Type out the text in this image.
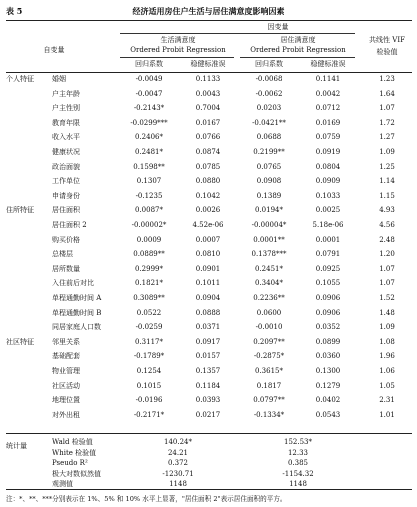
表 5	经济适用房住户生活与居住满意度影响因素
因变量
自变量
生活满意度	居住满意度
Ordered Probit Regression	Ordered Probit Regression
共线性 VIF
检验值
回归系数	稳健标准误	回归系数	稳健标准误
个人特征	婚姻	-0.0049	0.1133	-0.0068	0.1141	1.23
户主年龄	-0.0047	0.0043	-0.0062	0.0042	1.64
户主性别	-0.2143*	0.7004	0.0203	0.0712	1.07
教育年限	-0.0299***	0.0167	-0.0421**	0.0169	1.72
收入水平	0.2406*	0.0766	0.0688	0.0759	1.27
健康状况	0.2481*	0.0874	0.2199**	0.0919	1.09
政治面貌	0.1598**	0.0785	0.0765	0.0804	1.25
工作单位	0.1307	0.0880	0.0908	0.0909	1.14
申请身份	-0.1235	0.1042	0.1389	0.1033	1.15
住所特征	居住面积	0.0087*	0.0026	0.0194*	0.0025	4.93
居住面积 2	-0.00002*	4.52e-06	-0.00004*	5.18e-06	4.56
购买价格	0.0009	0.0007	0.0001**	0.0001	2.48
总楼层	0.0889**	0.0810	0.1378***	0.0791	1.20
居所数量	0.2999*	0.0901	0.2451*	0.0925	1.07
入住前后对比	0.1821*	0.1011	0.3404*	0.1055	1.07
单程通勤时间 A	0.3089**	0.0904	0.2236**	0.0906	1.52
单程通勤时间 B	0.0522	0.0888	0.0600	0.0906	1.48
同居家庭人口数	-0.0259	0.0371	-0.0010	0.0352	1.09
社区特征	邻里关系	0.3117*	0.0917	0.2097**	0.0899	1.08
基础配套	-0.1789*	0.0157	-0.2875*	0.0360	1.96
物业管理	0.1254	0.1357	0.3615*	0.1300	1.06
社区活动	0.1015	0.1184	0.1817	0.1279	1.05
地理位置	-0.0196	0.0393	0.0797**	0.0402	2.31
对外出租	-0.2171*	0.0217	-0.1334*	0.0543	1.01
统计量	Wald 检验值	140.24*	152.53*
White 检验值	24.21	12.33
Pseudo R²	0.372	0.385
极大对数似然值	-1230.71	-1154.32
观测值	1148	1148
注：*、**、***分别表示在 1%、5% 和 10% 水平上显著，"居住面积 2"表示居住面积的平方。
